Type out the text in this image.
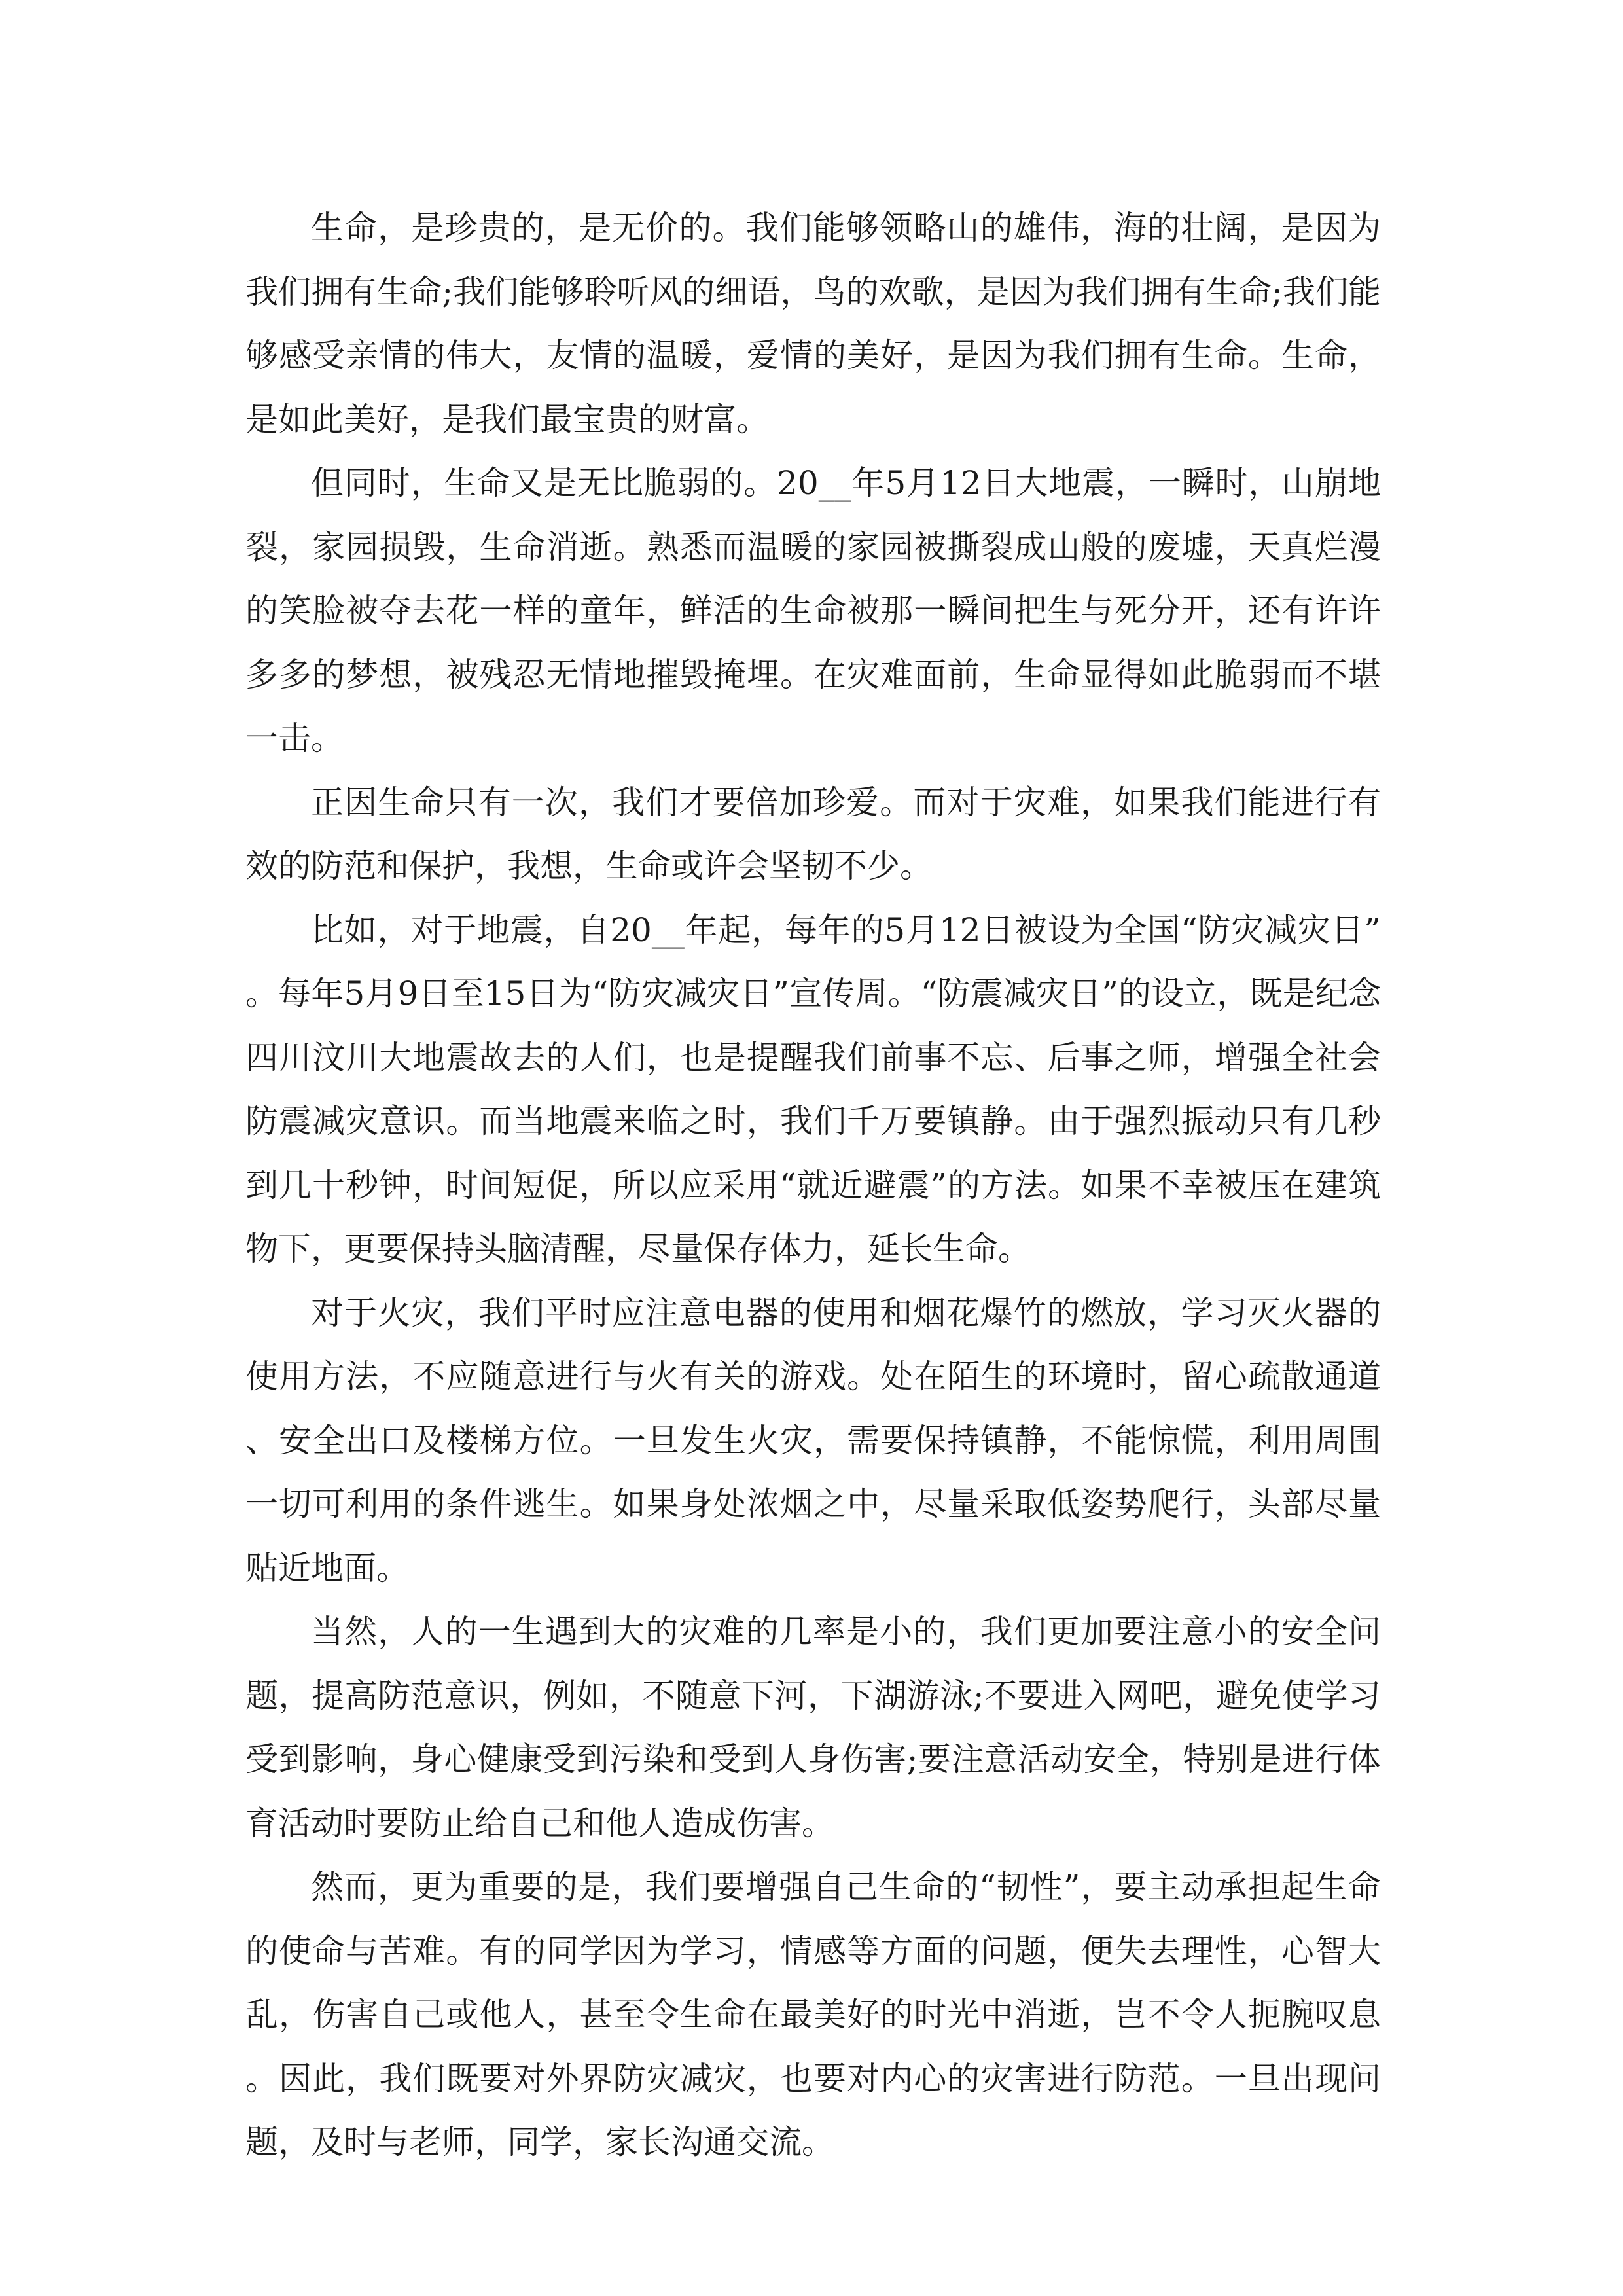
生命，是珍贵的，是无价的。我们能够领略山的雄伟，海的壮阔，是因为我们拥有生命;我们能够聆听风的细语，鸟的欢歌，是因为我们拥有生命;我们能够感受亲情的伟大，友情的温暖，爱情的美好，是因为我们拥有生命。生命，是如此美好，是我们最宝贵的财富。

但同时，生命又是无比脆弱的。20__年5月12日大地震，一瞬时，山崩地裂，家园损毁，生命消逝。熟悉而温暖的家园被撕裂成山般的废墟，天真烂漫的笑脸被夺去花一样的童年，鲜活的生命被那一瞬间把生与死分开，还有许许多多的梦想，被残忍无情地摧毁掩埋。在灾难面前，生命显得如此脆弱而不堪一击。

正因生命只有一次，我们才要倍加珍爱。而对于灾难，如果我们能进行有效的防范和保护，我想，生命或许会坚韧不少。

比如，对于地震，自20__年起，每年的5月12日被设为全国“防灾减灾日”。每年5月9日至15日为“防灾减灾日”宣传周。“防震减灾日”的设立，既是纪念四川汶川大地震故去的人们，也是提醒我们前事不忘、后事之师，增强全社会防震减灾意识。而当地震来临之时，我们千万要镇静。由于强烈振动只有几秒到几十秒钟，时间短促，所以应采用“就近避震”的方法。如果不幸被压在建筑物下，更要保持头脑清醒，尽量保存体力，延长生命。

对于火灾，我们平时应注意电器的使用和烟花爆竹的燃放，学习灭火器的使用方法，不应随意进行与火有关的游戏。处在陌生的环境时，留心疏散通道、安全出口及楼梯方位。一旦发生火灾，需要保持镇静，不能惊慌，利用周围一切可利用的条件逃生。如果身处浓烟之中，尽量采取低姿势爬行，头部尽量贴近地面。

当然，人的一生遇到大的灾难的几率是小的，我们更加要注意小的安全问题，提高防范意识，例如，不随意下河，下湖游泳;不要进入网吧，避免使学习受到影响，身心健康受到污染和受到人身伤害;要注意活动安全，特别是进行体育活动时要防止给自己和他人造成伤害。

然而，更为重要的是，我们要增强自己生命的“韧性”，要主动承担起生命的使命与苦难。有的同学因为学习，情感等方面的问题，便失去理性，心智大乱，伤害自己或他人，甚至令生命在最美好的时光中消逝，岂不令人扼腕叹息。因此，我们既要对外界防灾减灾，也要对内心的灾害进行防范。一旦出现问题，及时与老师，同学，家长沟通交流。
